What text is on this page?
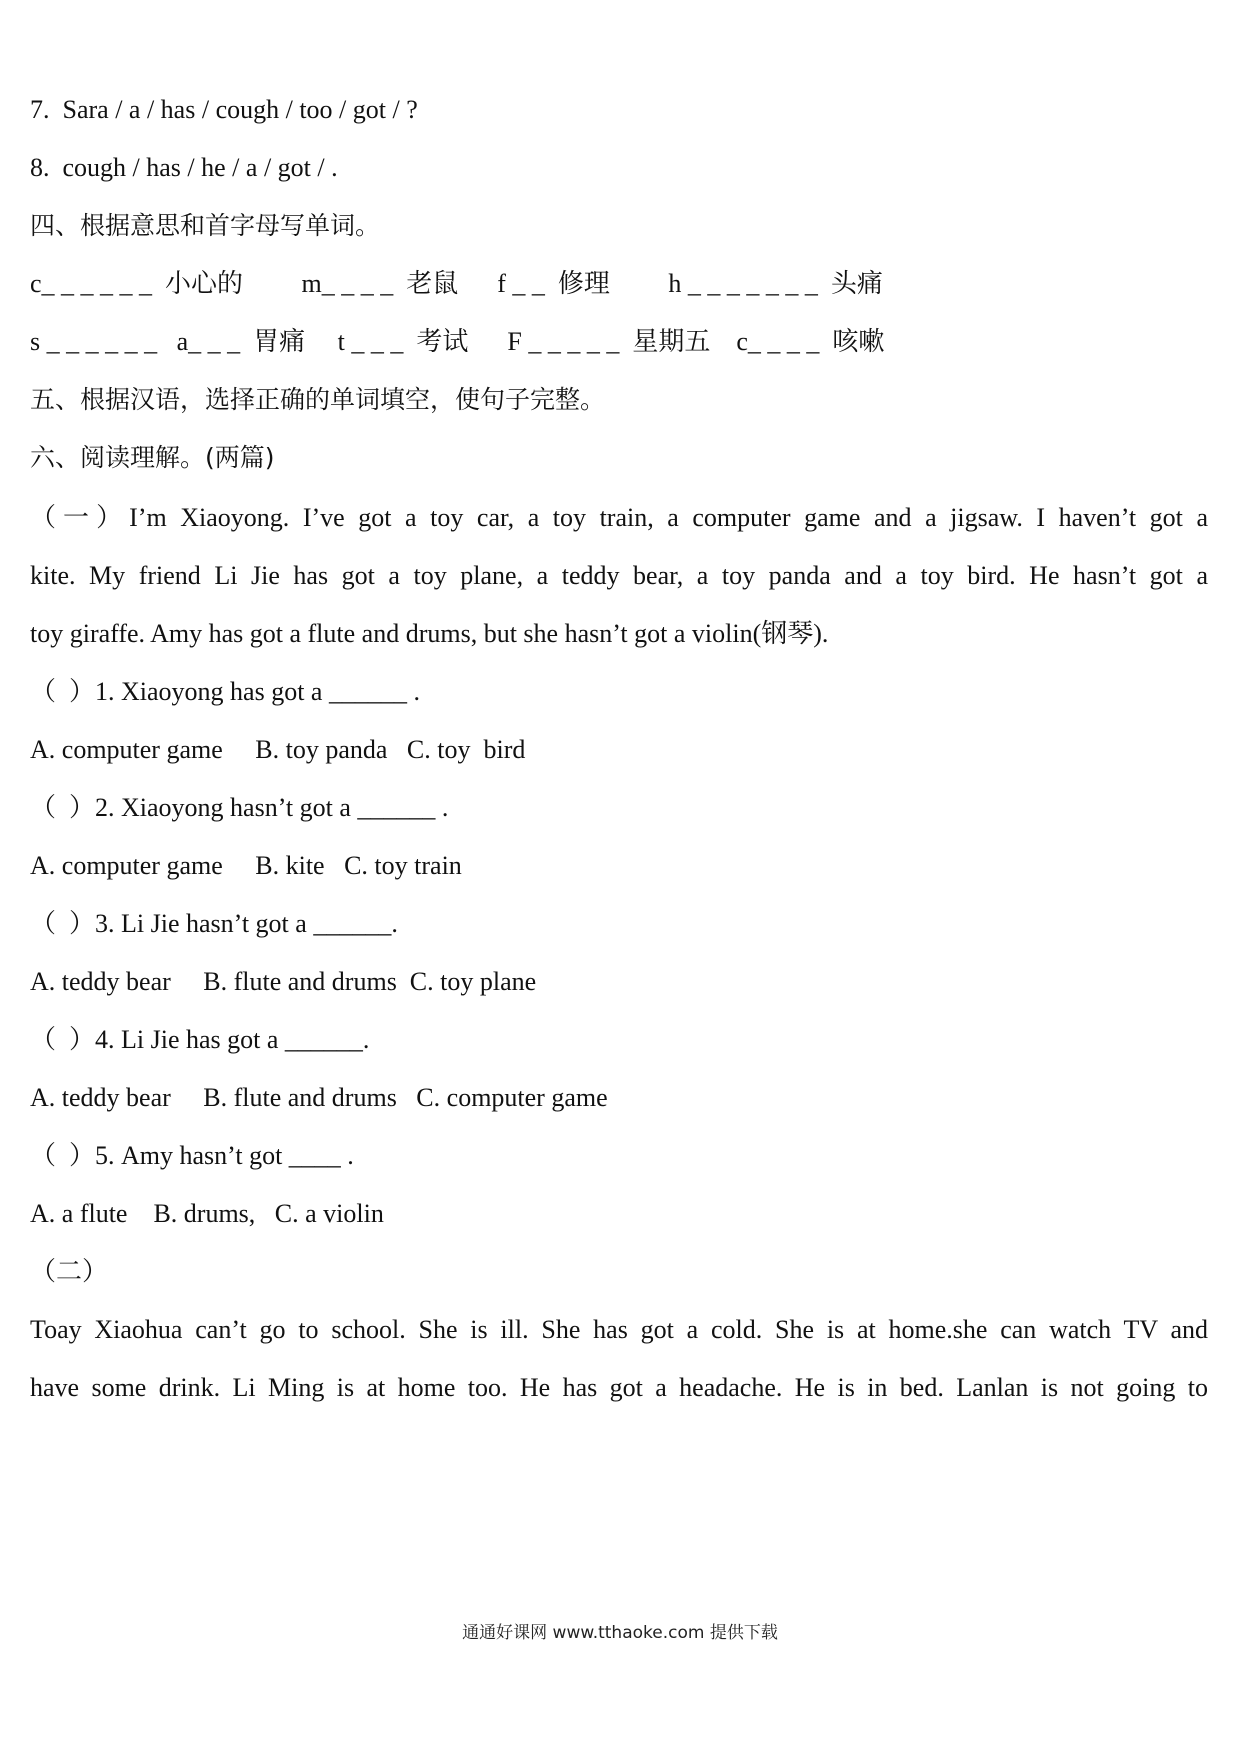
7.  Sara / a / has / cough / too / got / ?
8.  cough / has / he / a / got / .
四、根据意思和首字母写单词。
c_ _ _ _ _ _  小心的         m_ _ _ _  老鼠      f _ _  修理         h _ _ _ _ _ _ _  头痛
s _ _ _ _ _ _   a_ _ _  胃痛     t _ _ _  考试      F _ _ _ _ _  星期五    c_ _ _ _  咳嗽
五、根据汉语，选择正确的单词填空，使句子完整。
六、阅读理解。(两篇)
（一）I’m Xiaoyong. I’ve got a toy car, a toy train, a computer game and a jigsaw. I haven’t got a
kite. My friend Li Jie has got a toy plane, a teddy bear, a toy panda and a toy bird. He hasn’t got a
toy giraffe. Amy has got a flute and drums, but she hasn’t got a violin(钢琴).
（  ）1. Xiaoyong has got a ______ .
A. computer game     B. toy panda   C. toy  bird
（  ）2. Xiaoyong hasn’t got a ______ .
A. computer game     B. kite   C. toy train
（  ）3. Li Jie hasn’t got a ______.
A. teddy bear     B. flute and drums  C. toy plane
（  ）4. Li Jie has got a ______.
A. teddy bear     B. flute and drums   C. computer game
（  ）5. Amy hasn’t got ____ .
A. a flute    B. drums,   C. a violin
（二）
Toay Xiaohua can’t go to school. She is ill. She has got a cold. She is at home.she can watch TV and
have some drink. Li Ming is at home too. He has got a headache. He is in bed. Lanlan is not going to
通通好课网 www.tthaoke.com 提供下载
